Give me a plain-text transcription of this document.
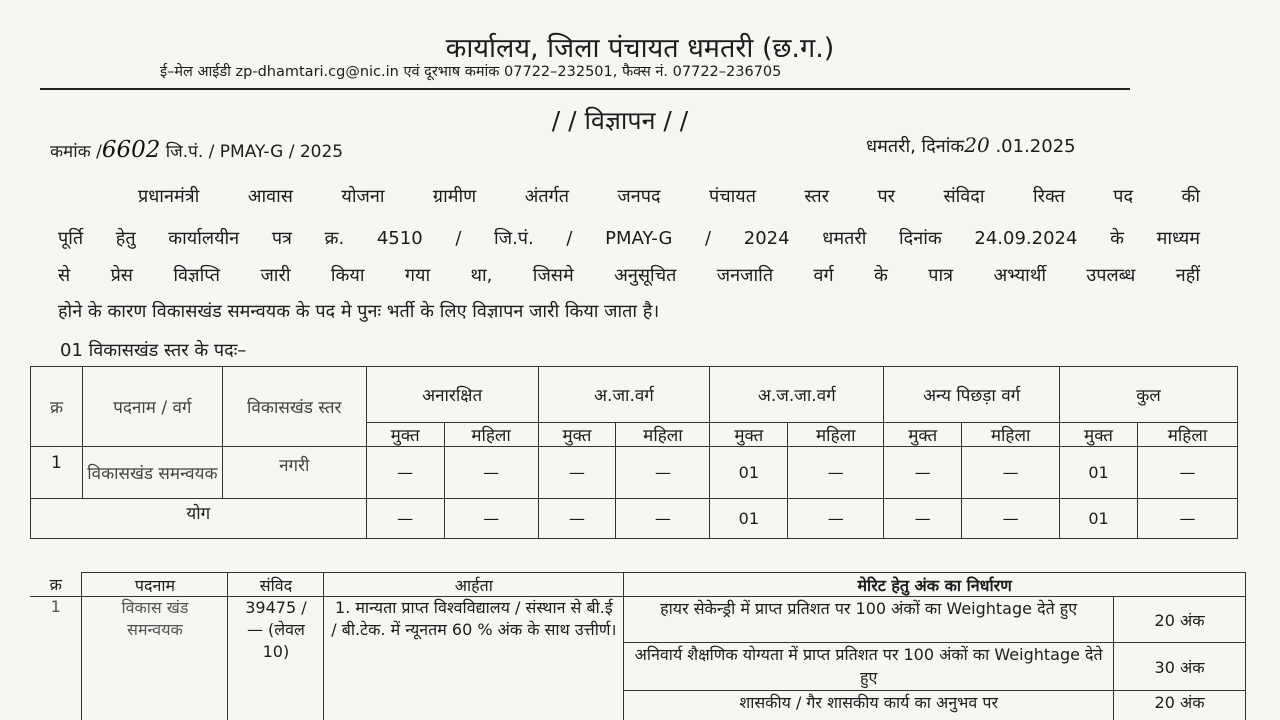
कार्यालय, जिला पंचायत धमतरी (छ.ग.)
ई–मेल आईडी zp-dhamtari.cg@nic.in एवं दूरभाष कमांक 07722–232501, फैक्स नं. 07722–236705
/ / विज्ञापन / /
कमांक /6602 जि.पं. / PMAY-G / 2025	धमतरी, दिनांक20 .01.2025
प्रधानमंत्री आवास योजना ग्रामीण अंतर्गत जनपद पंचायत स्तर पर संविदा रिक्त पद की
पूर्ति हेतु कार्यालयीन पत्र क्र. 4510 / जि.पं. / PMAY-G / 2024 धमतरी दिनांक 24.09.2024 के माध्यम
से प्रेस विज्ञप्ति जारी किया गया था, जिसमे अनुसूचित जनजाति वर्ग के पात्र अभ्यार्थी उपलब्ध नहीं
होने के कारण विकासखंड समन्वयक के पद मे पुनः भर्ती के लिए विज्ञापन जारी किया जाता है।
01 विकासखंड स्तर के पदः–
क्र	पदनाम / वर्ग	विकासखंड स्तर	अनारक्षित		अ.जा.वर्ग		अ.ज.जा.वर्ग		अन्य पिछड़ा वर्ग		कुल	
			मुक्त	महिला	मुक्त	महिला	मुक्त	महिला	मुक्त	महिला	मुक्त	महिला
1	विकासखंड समन्वयक	नगरी	—	—	—	—	01	—	—	—	01	—
योग			—	—	—	—	01	—	—	—	01	—
क्र	पदनाम	संविद	आर्हता	मेरिट हेतु अंक का निर्धारण	
1	विकास खंड समन्वयक	39475 / — (लेवल 10)	1. मान्यता प्राप्त विश्वविद्यालय / संस्थान से बी.ई / बी.टेक. में न्यूनतम 60 % अंक के साथ उत्तीर्ण।	हायर सेकेन्ड्री में प्राप्त प्रतिशत पर 100 अंकों का Weightage देते हुए	20 अंक
				अनिवार्य शैक्षणिक योग्यता में प्राप्त प्रतिशत पर 100 अंकों का Weightage देते हुए	30 अंक
				शासकीय / गैर शासकीय कार्य का अनुभव पर	20 अंक
